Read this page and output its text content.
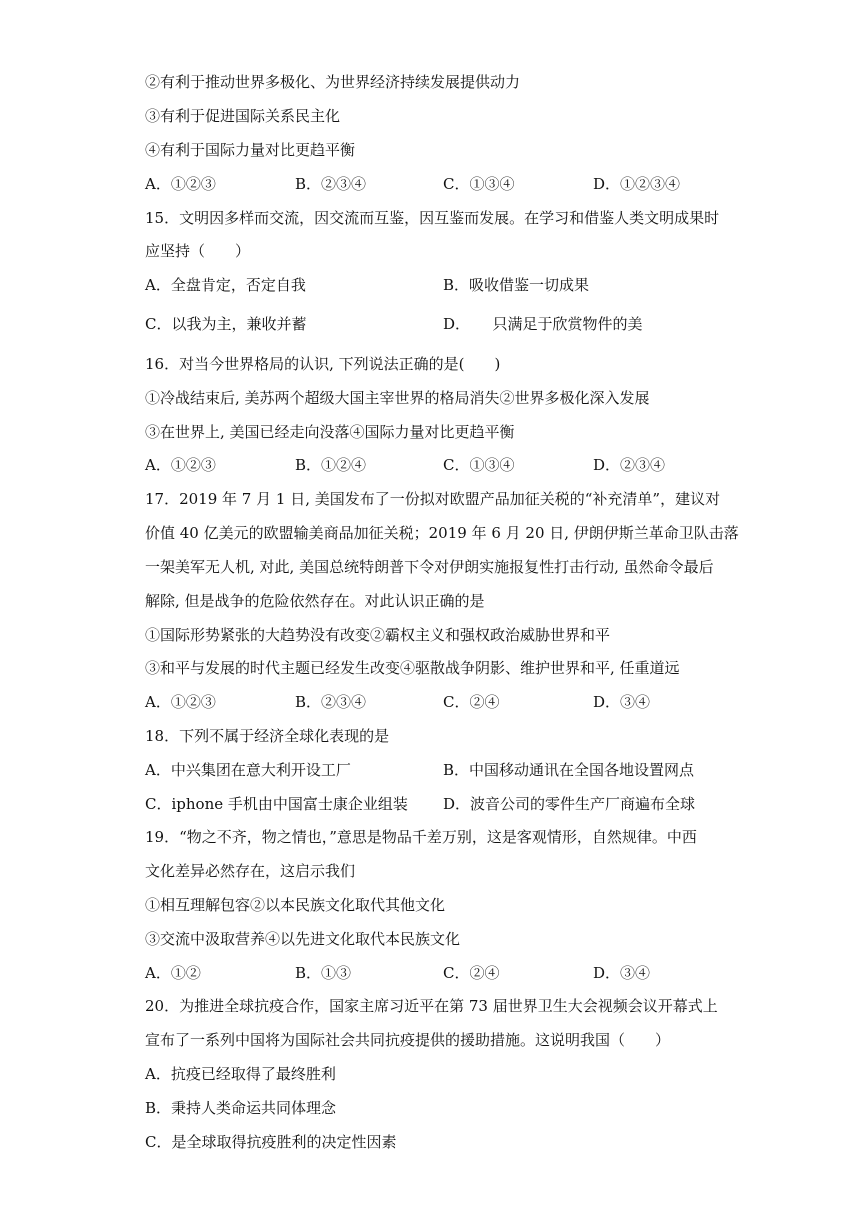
②有利于推动世界多极化、为世界经济持续发展提供动力
③有利于促进国际关系民主化
④有利于国际力量对比更趋平衡
A．①②③	B．②③④	C．①③④	D．①②③④
15．文明因多样而交流，因交流而互鉴，因互鉴而发展。在学习和借鉴人类文明成果时
应坚持（　　）
A．全盘肯定，否定自我	B．吸收借鉴一切成果
C．以我为主，兼收并蓄	D．　　只满足于欣赏物件的美
16．对当今世界格局的认识, 下列说法正确的是(　　)
①冷战结束后, 美苏两个超级大国主宰世界的格局消失②世界多极化深入发展
③在世界上, 美国已经走向没落④国际力量对比更趋平衡
A．①②③	B．①②④	C．①③④	D．②③④
17．2019 年 7 月 1 日, 美国发布了一份拟对欧盟产品加征关税的“补充清单”，建议对
价值 40 亿美元的欧盟输美商品加征关税；2019 年 6 月 20 日, 伊朗伊斯兰革命卫队击落
一架美军无人机, 对此, 美国总统特朗普下令对伊朗实施报复性打击行动, 虽然命令最后
解除, 但是战争的危险依然存在。对此认识正确的是
①国际形势紧张的大趋势没有改变②霸权主义和强权政治威胁世界和平
③和平与发展的时代主题已经发生改变④驱散战争阴影、维护世界和平, 任重道远
A．①②③	B．②③④	C．②④	D．③④
18．下列不属于经济全球化表现的是
A．中兴集团在意大利开设工厂	B．中国移动通讯在全国各地设置网点
C．iphone 手机由中国富士康企业组装 D．波音公司的零件生产厂商遍布全球
19．“物之不齐，物之情也，”意思是物品千差万别，这是客观情形，自然规律。中西
文化差异必然存在，这启示我们
①相互理解包容②以本民族文化取代其他文化
③交流中汲取营养④以先进文化取代本民族文化
A．①②	B．①③	C．②④	D．③④
20．为推进全球抗疫合作，国家主席习近平在第 73 届世界卫生大会视频会议开幕式上
宣布了一系列中国将为国际社会共同抗疫提供的援助措施。这说明我国（　　）
A．抗疫已经取得了最终胜利
B．秉持人类命运共同体理念
C．是全球取得抗疫胜利的决定性因素
